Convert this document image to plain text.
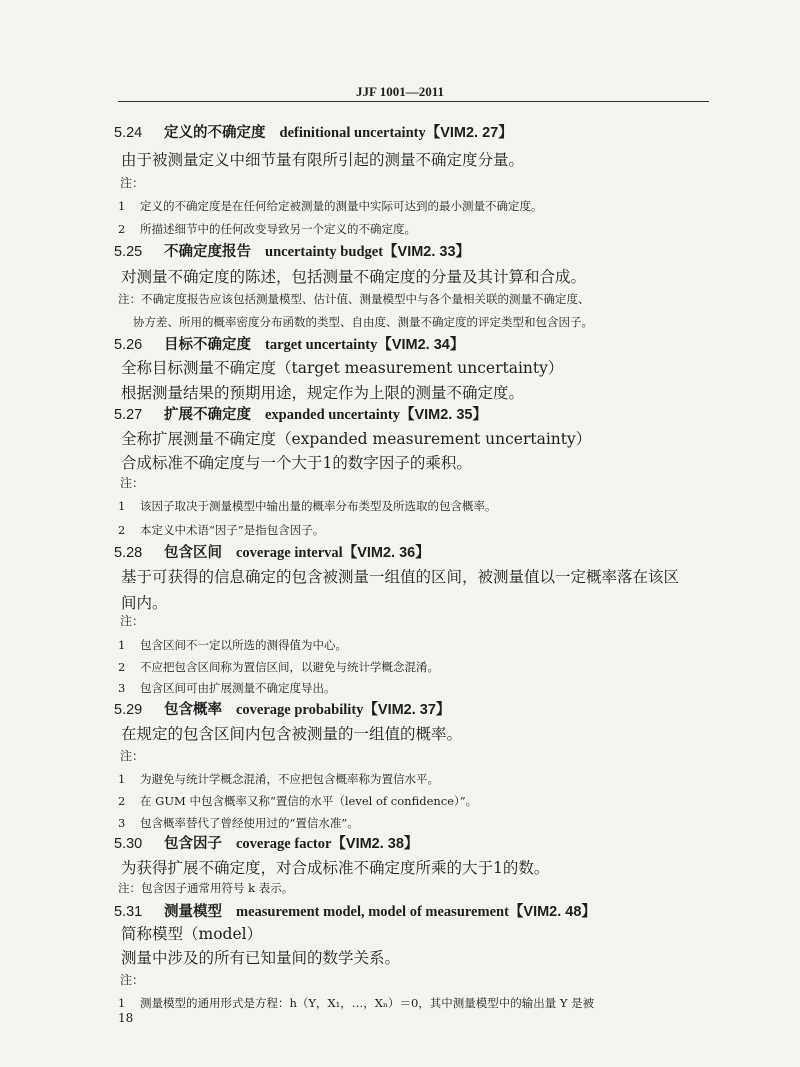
JJF 1001—2011
5.24 定义的不确定度 definitional uncertainty【VIM2. 27】
由于被测量定义中细节量有限所引起的测量不确定度分量。
注：
1 定义的不确定度是在任何给定被测量的测量中实际可达到的最小测量不确定度。
2 所描述细节中的任何改变导致另一个定义的不确定度。
5.25 不确定度报告 uncertainty budget【VIM2. 33】
对测量不确定度的陈述，包括测量不确定度的分量及其计算和合成。
注：不确定度报告应该包括测量模型、估计值、测量模型中与各个量相关联的测量不确定度、
协方差、所用的概率密度分布函数的类型、自由度、测量不确定度的评定类型和包含因子。
5.26 目标不确定度 target uncertainty【VIM2. 34】
全称目标测量不确定度（target measurement uncertainty）
根据测量结果的预期用途，规定作为上限的测量不确定度。
5.27 扩展不确定度 expanded uncertainty【VIM2. 35】
全称扩展测量不确定度（expanded measurement uncertainty）
合成标准不确定度与一个大于1的数字因子的乘积。
注：
1 该因子取决于测量模型中输出量的概率分布类型及所选取的包含概率。
2 本定义中术语“因子”是指包含因子。
5.28 包含区间 coverage interval【VIM2. 36】
基于可获得的信息确定的包含被测量一组值的区间，被测量值以一定概率落在该区
间内。
注：
1 包含区间不一定以所选的测得值为中心。
2 不应把包含区间称为置信区间，以避免与统计学概念混淆。
3 包含区间可由扩展测量不确定度导出。
5.29 包含概率 coverage probability【VIM2. 37】
在规定的包含区间内包含被测量的一组值的概率。
注：
1 为避免与统计学概念混淆，不应把包含概率称为置信水平。
2 在 GUM 中包含概率又称“置信的水平（level of confidence）”。
3 包含概率替代了曾经使用过的“置信水准”。
5.30 包含因子 coverage factor【VIM2. 38】
为获得扩展不确定度，对合成标准不确定度所乘的大于1的数。
注：包含因子通常用符号 k 表示。
5.31 测量模型 measurement model, model of measurement【VIM2. 48】
简称模型（model）
测量中涉及的所有已知量间的数学关系。
注：
1 测量模型的通用形式是方程：h（Y，X₁，…，Xₙ）＝0，其中测量模型中的输出量 Y 是被
18
